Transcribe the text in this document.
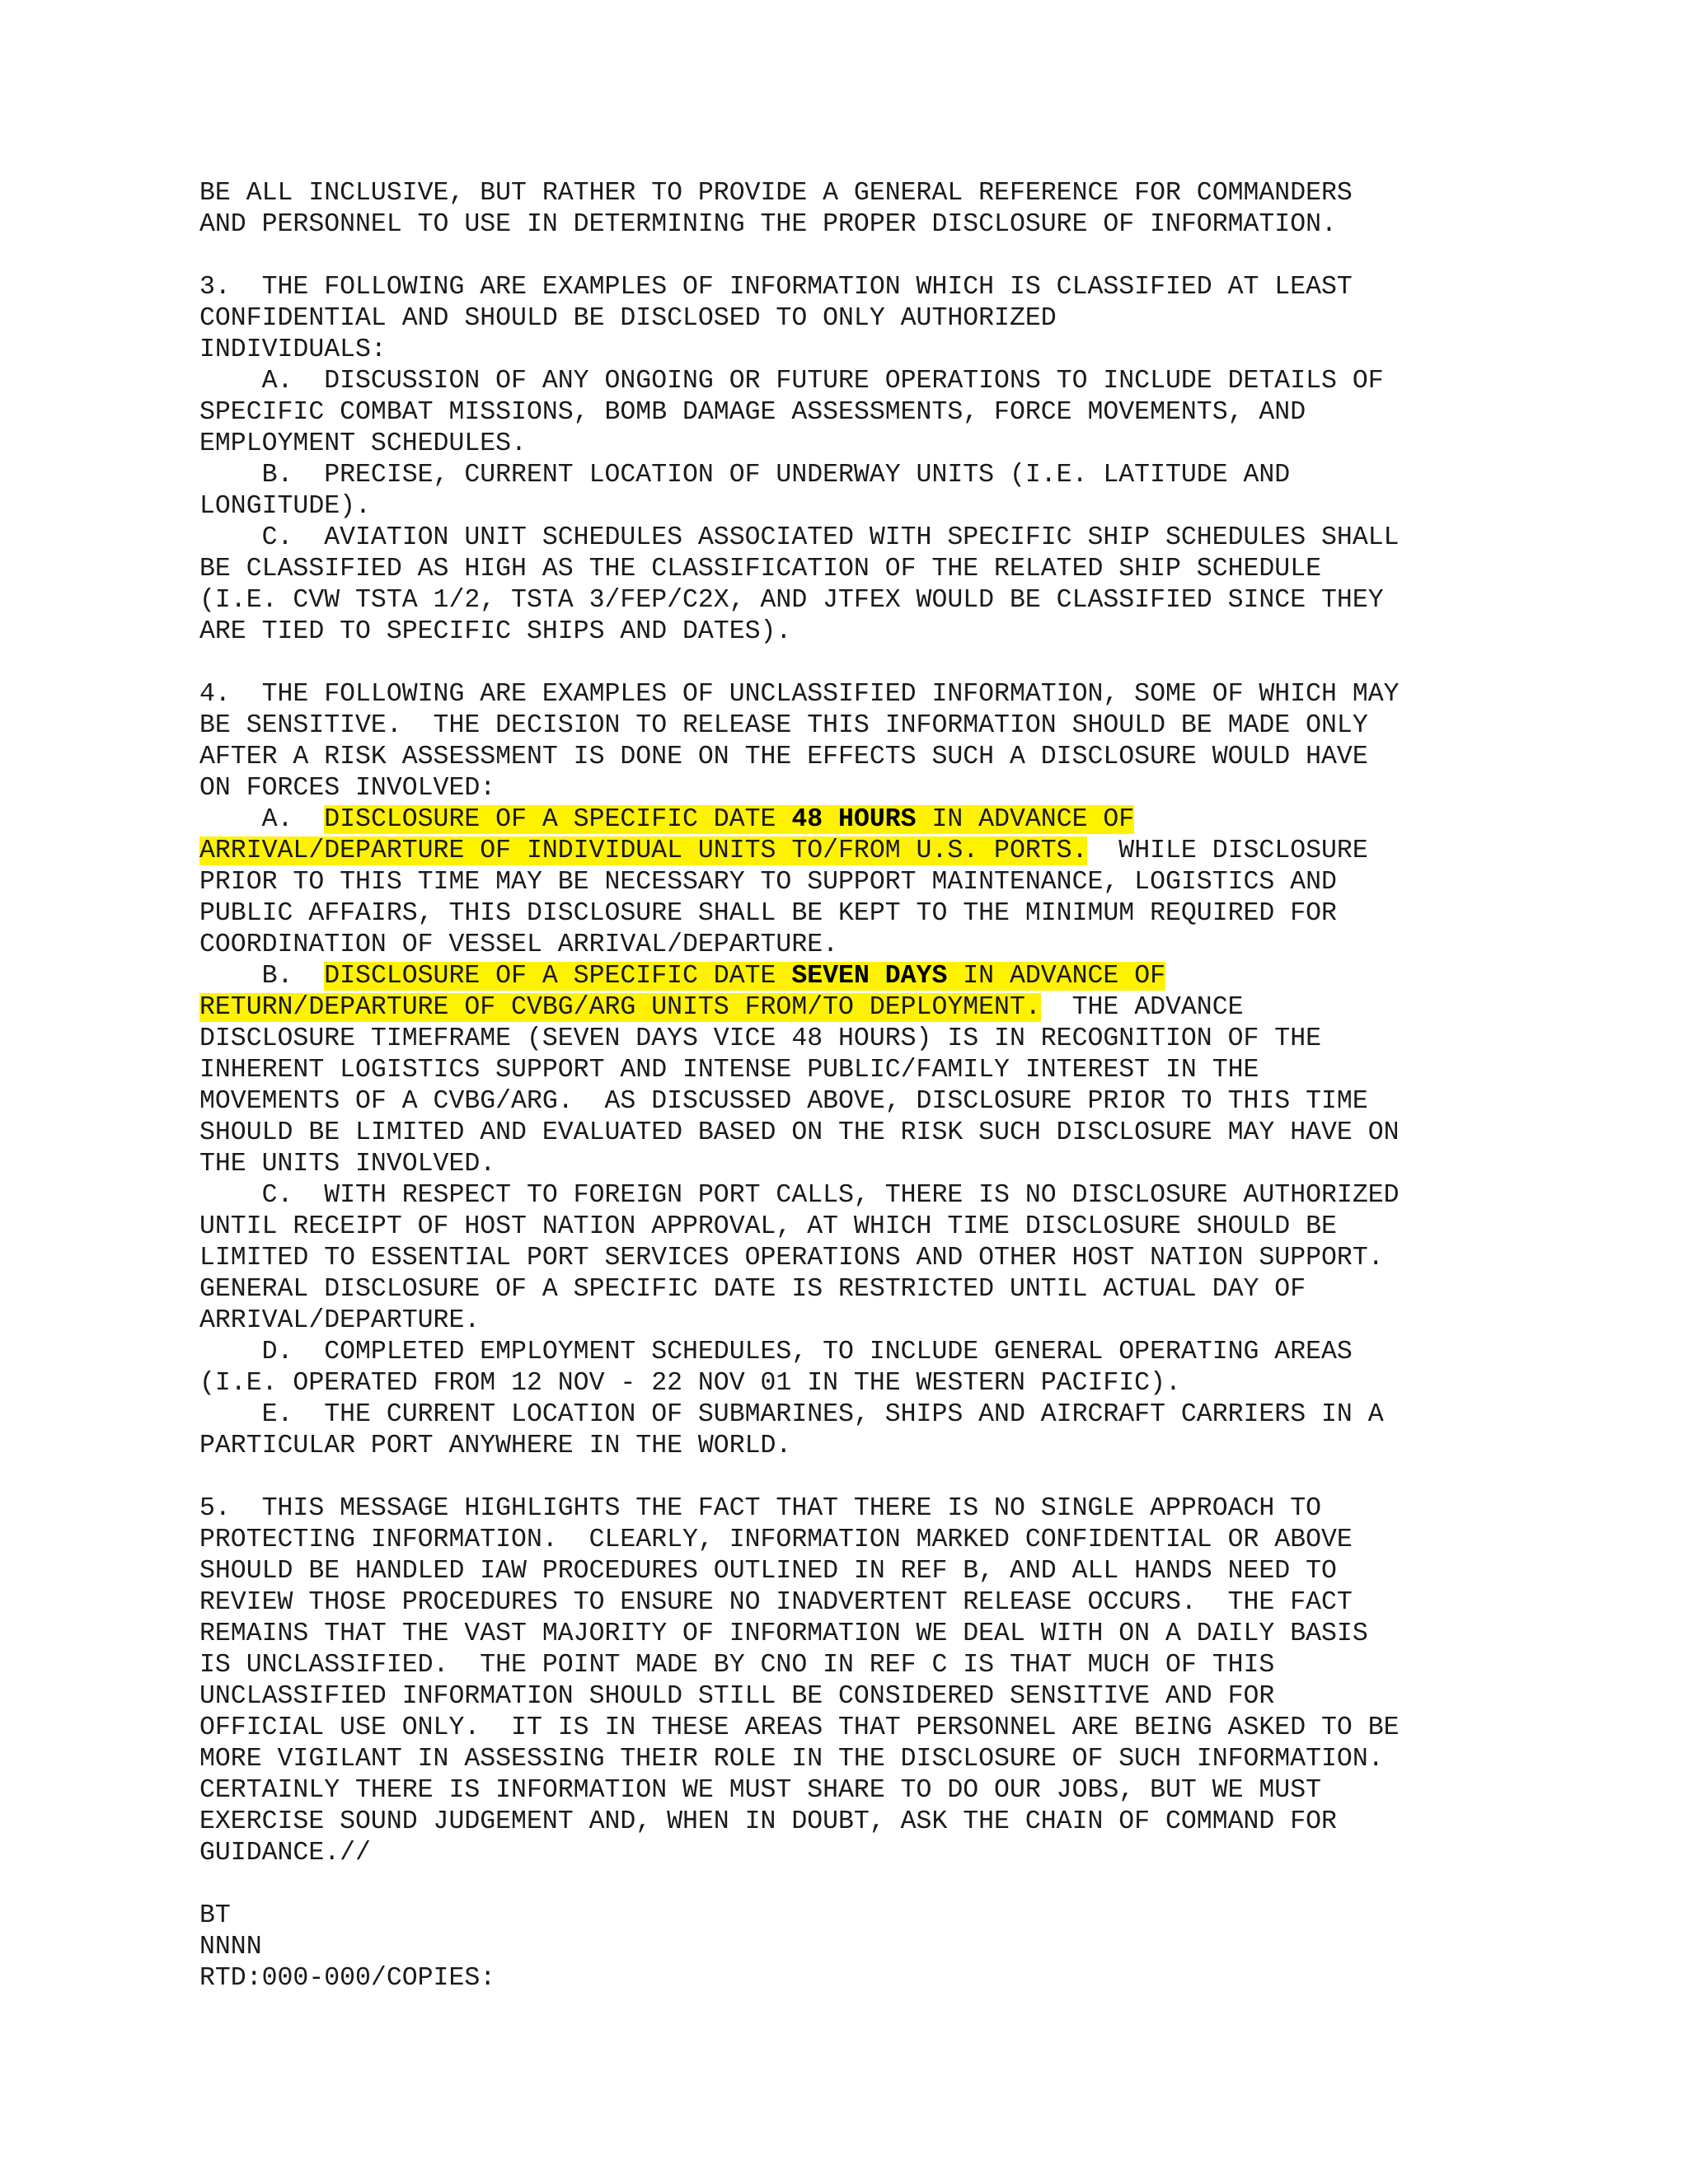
BE ALL INCLUSIVE, BUT RATHER TO PROVIDE A GENERAL REFERENCE FOR COMMANDERS
AND PERSONNEL TO USE IN DETERMINING THE PROPER DISCLOSURE OF INFORMATION.
3.  THE FOLLOWING ARE EXAMPLES OF INFORMATION WHICH IS CLASSIFIED AT LEAST
CONFIDENTIAL AND SHOULD BE DISCLOSED TO ONLY AUTHORIZED
INDIVIDUALS:
A.  DISCUSSION OF ANY ONGOING OR FUTURE OPERATIONS TO INCLUDE DETAILS OF
SPECIFIC COMBAT MISSIONS, BOMB DAMAGE ASSESSMENTS, FORCE MOVEMENTS, AND
EMPLOYMENT SCHEDULES.
B.  PRECISE, CURRENT LOCATION OF UNDERWAY UNITS (I.E. LATITUDE AND
LONGITUDE).
C.  AVIATION UNIT SCHEDULES ASSOCIATED WITH SPECIFIC SHIP SCHEDULES SHALL
BE CLASSIFIED AS HIGH AS THE CLASSIFICATION OF THE RELATED SHIP SCHEDULE
(I.E. CVW TSTA 1/2, TSTA 3/FEP/C2X, AND JTFEX WOULD BE CLASSIFIED SINCE THEY
ARE TIED TO SPECIFIC SHIPS AND DATES).
4.  THE FOLLOWING ARE EXAMPLES OF UNCLASSIFIED INFORMATION, SOME OF WHICH MAY
BE SENSITIVE.  THE DECISION TO RELEASE THIS INFORMATION SHOULD BE MADE ONLY
AFTER A RISK ASSESSMENT IS DONE ON THE EFFECTS SUCH A DISCLOSURE WOULD HAVE
ON FORCES INVOLVED:
A.  DISCLOSURE OF A SPECIFIC DATE 48 HOURS IN ADVANCE OF
ARRIVAL/DEPARTURE OF INDIVIDUAL UNITS TO/FROM U.S. PORTS.  WHILE DISCLOSURE
PRIOR TO THIS TIME MAY BE NECESSARY TO SUPPORT MAINTENANCE, LOGISTICS AND
PUBLIC AFFAIRS, THIS DISCLOSURE SHALL BE KEPT TO THE MINIMUM REQUIRED FOR
COORDINATION OF VESSEL ARRIVAL/DEPARTURE.
B.  DISCLOSURE OF A SPECIFIC DATE SEVEN DAYS IN ADVANCE OF
RETURN/DEPARTURE OF CVBG/ARG UNITS FROM/TO DEPLOYMENT.  THE ADVANCE
DISCLOSURE TIMEFRAME (SEVEN DAYS VICE 48 HOURS) IS IN RECOGNITION OF THE
INHERENT LOGISTICS SUPPORT AND INTENSE PUBLIC/FAMILY INTEREST IN THE
MOVEMENTS OF A CVBG/ARG.  AS DISCUSSED ABOVE, DISCLOSURE PRIOR TO THIS TIME
SHOULD BE LIMITED AND EVALUATED BASED ON THE RISK SUCH DISCLOSURE MAY HAVE ON
THE UNITS INVOLVED.
C.  WITH RESPECT TO FOREIGN PORT CALLS, THERE IS NO DISCLOSURE AUTHORIZED
UNTIL RECEIPT OF HOST NATION APPROVAL, AT WHICH TIME DISCLOSURE SHOULD BE
LIMITED TO ESSENTIAL PORT SERVICES OPERATIONS AND OTHER HOST NATION SUPPORT.
GENERAL DISCLOSURE OF A SPECIFIC DATE IS RESTRICTED UNTIL ACTUAL DAY OF
ARRIVAL/DEPARTURE.
D.  COMPLETED EMPLOYMENT SCHEDULES, TO INCLUDE GENERAL OPERATING AREAS
(I.E. OPERATED FROM 12 NOV - 22 NOV 01 IN THE WESTERN PACIFIC).
E.  THE CURRENT LOCATION OF SUBMARINES, SHIPS AND AIRCRAFT CARRIERS IN A
PARTICULAR PORT ANYWHERE IN THE WORLD.
5.  THIS MESSAGE HIGHLIGHTS THE FACT THAT THERE IS NO SINGLE APPROACH TO
PROTECTING INFORMATION.  CLEARLY, INFORMATION MARKED CONFIDENTIAL OR ABOVE
SHOULD BE HANDLED IAW PROCEDURES OUTLINED IN REF B, AND ALL HANDS NEED TO
REVIEW THOSE PROCEDURES TO ENSURE NO INADVERTENT RELEASE OCCURS.  THE FACT
REMAINS THAT THE VAST MAJORITY OF INFORMATION WE DEAL WITH ON A DAILY BASIS
IS UNCLASSIFIED.  THE POINT MADE BY CNO IN REF C IS THAT MUCH OF THIS
UNCLASSIFIED INFORMATION SHOULD STILL BE CONSIDERED SENSITIVE AND FOR
OFFICIAL USE ONLY.  IT IS IN THESE AREAS THAT PERSONNEL ARE BEING ASKED TO BE
MORE VIGILANT IN ASSESSING THEIR ROLE IN THE DISCLOSURE OF SUCH INFORMATION.
CERTAINLY THERE IS INFORMATION WE MUST SHARE TO DO OUR JOBS, BUT WE MUST
EXERCISE SOUND JUDGEMENT AND, WHEN IN DOUBT, ASK THE CHAIN OF COMMAND FOR
GUIDANCE.//
BT
NNNN
RTD:000-000/COPIES:
